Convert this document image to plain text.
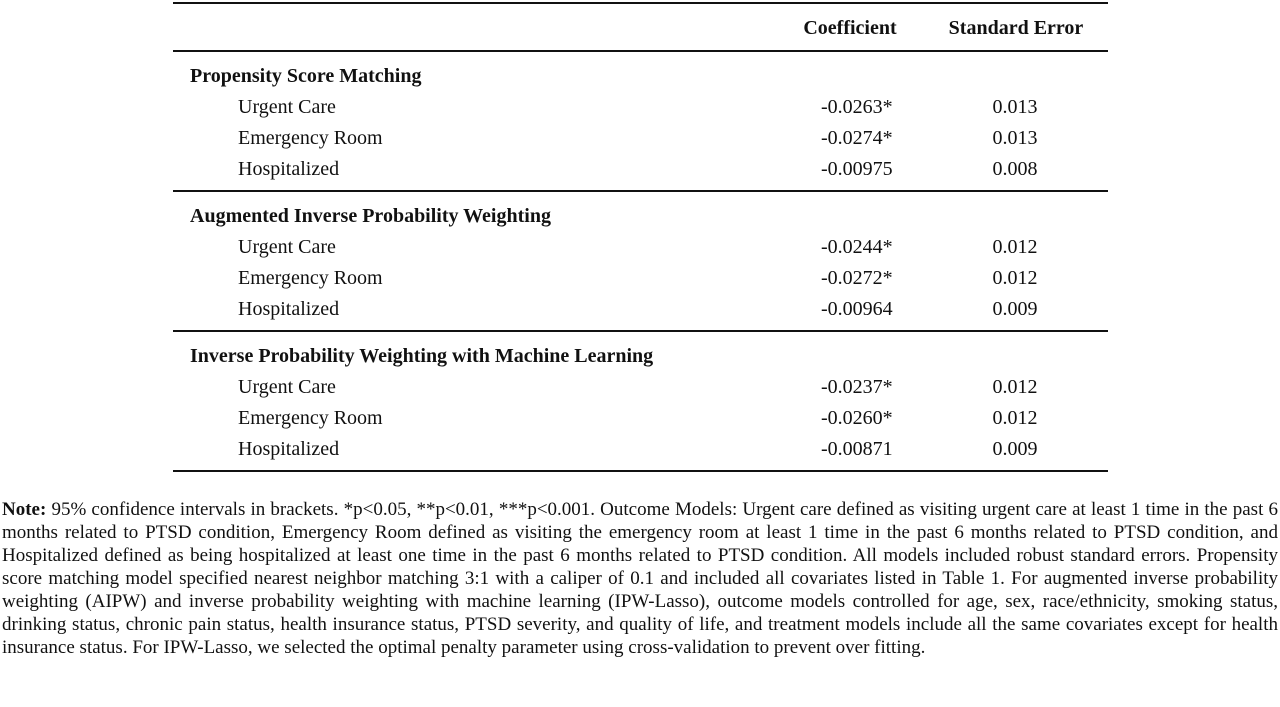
Coefficient	Standard Error
Propensity Score Matching
Urgent Care	-0.0263*	0.013
Emergency Room	-0.0274*	0.013
Hospitalized	-0.00975	0.008
Augmented Inverse Probability Weighting
Urgent Care	-0.0244*	0.012
Emergency Room	-0.0272*	0.012
Hospitalized	-0.00964	0.009
Inverse Probability Weighting with Machine Learning
Urgent Care	-0.0237*	0.012
Emergency Room	-0.0260*	0.012
Hospitalized	-0.00871	0.009
Note: 95% confidence intervals in brackets. *p<0.05, **p<0.01, ***p<0.001. Outcome Models: Urgent care defined as visiting urgent care at least 1 time in the past 6 months related to PTSD condition, Emergency Room defined as visiting the emergency room at least 1 time in the past 6 months related to PTSD condition, and Hospitalized defined as being hospitalized at least one time in the past 6 months related to PTSD condition. All models included robust standard errors. Propensity score matching model specified nearest neighbor matching 3:1 with a caliper of 0.1 and included all covariates listed in Table 1. For augmented inverse probability weighting (AIPW) and inverse probability weighting with machine learning (IPW-Lasso), outcome models controlled for age, sex, race/ethnicity, smoking status, drinking status, chronic pain status, health insurance status, PTSD severity, and quality of life, and treatment models include all the same covariates except for health insurance status. For IPW-Lasso, we selected the optimal penalty parameter using cross-validation to prevent over fitting.
